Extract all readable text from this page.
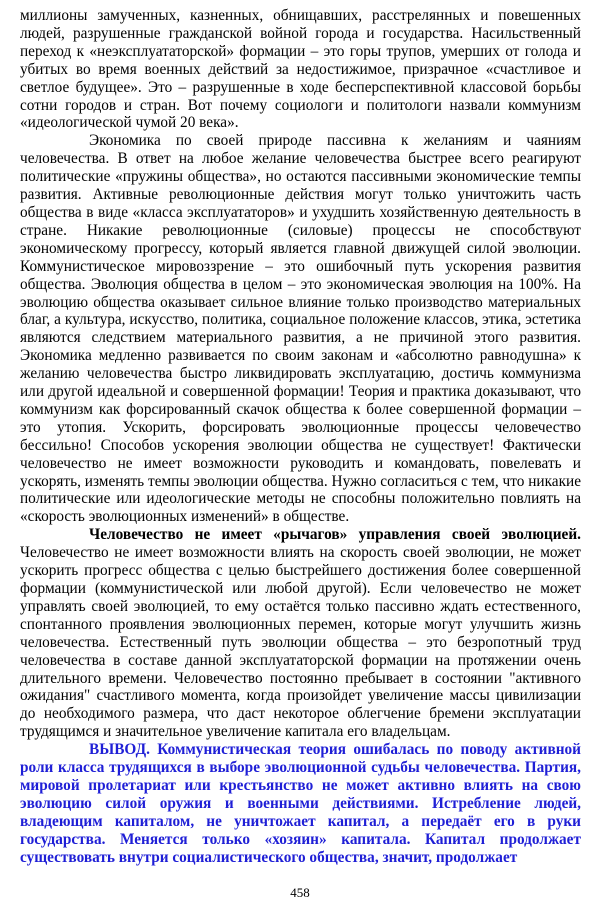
миллионы замученных, казненных, обнищавших, расстрелянных и повешенных людей, разрушенные гражданской войной города и государства. Насильственный переход к «неэксплуататорской» формации – это горы трупов, умерших от голода и убитых во время военных действий за недостижимое, призрачное «счастливое и светлое будущее». Это – разрушенные в ходе бесперспективной классовой борьбы сотни городов и стран. Вот почему социологи и политологи назвали коммунизм «идеологической чумой 20 века».

Экономика по своей природе пассивна к желаниям и чаяниям человечества. В ответ на любое желание человечества быстрее всего реагируют политические «пружины общества», но остаются пассивными экономические темпы развития. Активные революционные действия могут только уничтожить часть общества в виде «класса эксплуататоров» и ухудшить хозяйственную деятельность в стране. Никакие революционные (силовые) процессы не способствуют экономическому прогрессу, который является главной движущей силой эволюции. Коммунистическое мировоззрение – это ошибочный путь ускорения развития общества. Эволюция общества в целом – это экономическая эволюция на 100%. На эволюцию общества оказывает сильное влияние только производство материальных благ, а культура, искусство, политика, социальное положение классов, этика, эстетика являются следствием материального развития, а не причиной этого развития. Экономика медленно развивается по своим законам и «абсолютно равнодушна» к желанию человечества быстро ликвидировать эксплуатацию, достичь коммунизма или другой идеальной и совершенной формации! Теория и практика доказывают, что коммунизм как форсированный скачок общества к более совершенной формации – это утопия. Ускорить, форсировать эволюционные процессы человечество бессильно! Способов ускорения эволюции общества не существует! Фактически человечество не имеет возможности руководить и командовать, повелевать и ускорять, изменять темпы эволюции общества. Нужно согласиться с тем, что никакие политические или идеологические методы не способны положительно повлиять на «скорость эволюционных изменений» в обществе.

Человечество не имеет «рычагов» управления своей эволюцией. Человечество не имеет возможности влиять на скорость своей эволюции, не может ускорить прогресс общества с целью быстрейшего достижения более совершенной формации (коммунистической или любой другой). Если человечество не может управлять своей эволюцией, то ему остаётся только пассивно ждать естественного, спонтанного проявления эволюционных перемен, которые могут улучшить жизнь человечества. Естественный путь эволюции общества – это безропотный труд человечества в составе данной эксплуататорской формации на протяжении очень длительного времени. Человечество постоянно пребывает в состоянии "активного ожидания" счастливого момента, когда произойдет увеличение массы цивилизации до необходимого размера, что даст некоторое облегчение бремени эксплуатации трудящимся и значительное увеличение капитала его владельцам.

ВЫВОД. Коммунистическая теория ошибалась по поводу активной роли класса трудящихся в выборе эволюционной судьбы человечества. Партия, мировой пролетариат или крестьянство не может активно влиять на свою эволюцию силой оружия и военными действиями. Истребление людей, владеющим капиталом, не уничтожает капитал, а передаёт его в руки государства. Меняется только «хозяин» капитала. Капитал продолжает существовать внутри социалистического общества, значит, продолжает

458
